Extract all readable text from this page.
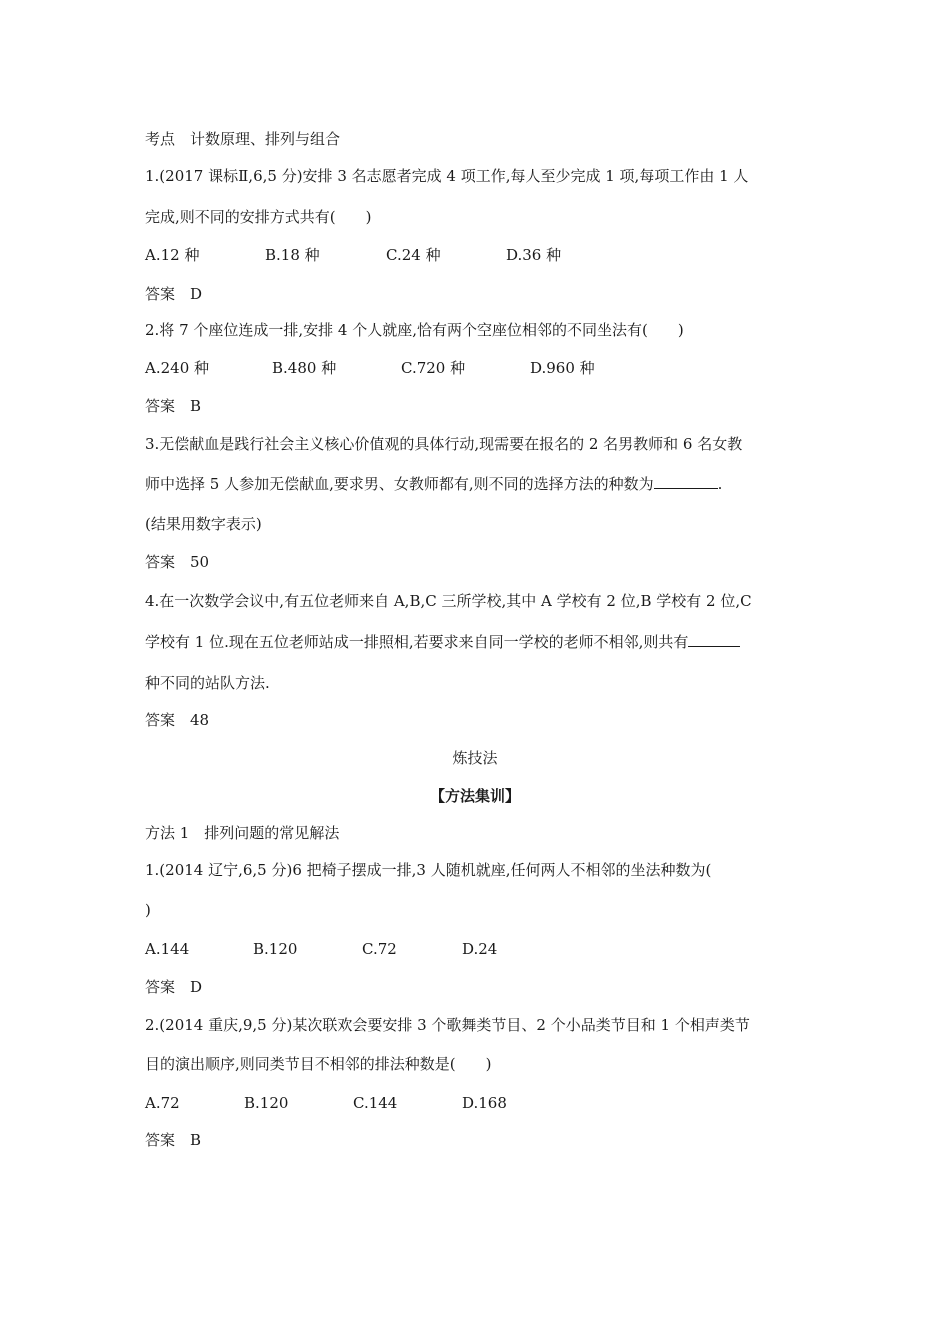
考点　计数原理、排列与组合
1.(2017 课标Ⅱ,6,5 分)安排 3 名志愿者完成 4 项工作,每人至少完成 1 项,每项工作由 1 人
完成,则不同的安排方式共有(　　)
A.12 种	B.18 种	C.24 种	D.36 种
答案　D
2.将 7 个座位连成一排,安排 4 个人就座,恰有两个空座位相邻的不同坐法有(　　)
A.240 种	B.480 种	C.720 种	D.960 种
答案　B
3.无偿献血是践行社会主义核心价值观的具体行动,现需要在报名的 2 名男教师和 6 名女教
师中选择 5 人参加无偿献血,要求男、女教师都有,则不同的选择方法的种数为	.
(结果用数字表示)
答案　50
4.在一次数学会议中,有五位老师来自 A,B,C 三所学校,其中 A 学校有 2 位,B 学校有 2 位,C
学校有 1 位.现在五位老师站成一排照相,若要求来自同一学校的老师不相邻,则共有
种不同的站队方法.
答案　48
炼技法
【方法集训】
方法 1　排列问题的常见解法
1.(2014 辽宁,6,5 分)6 把椅子摆成一排,3 人随机就座,任何两人不相邻的坐法种数为(
)
A.144	B.120	C.72	D.24
答案　D
2.(2014 重庆,9,5 分)某次联欢会要安排 3 个歌舞类节目、2 个小品类节目和 1 个相声类节
目的演出顺序,则同类节目不相邻的排法种数是(　　)
A.72	B.120	C.144	D.168
答案　B
